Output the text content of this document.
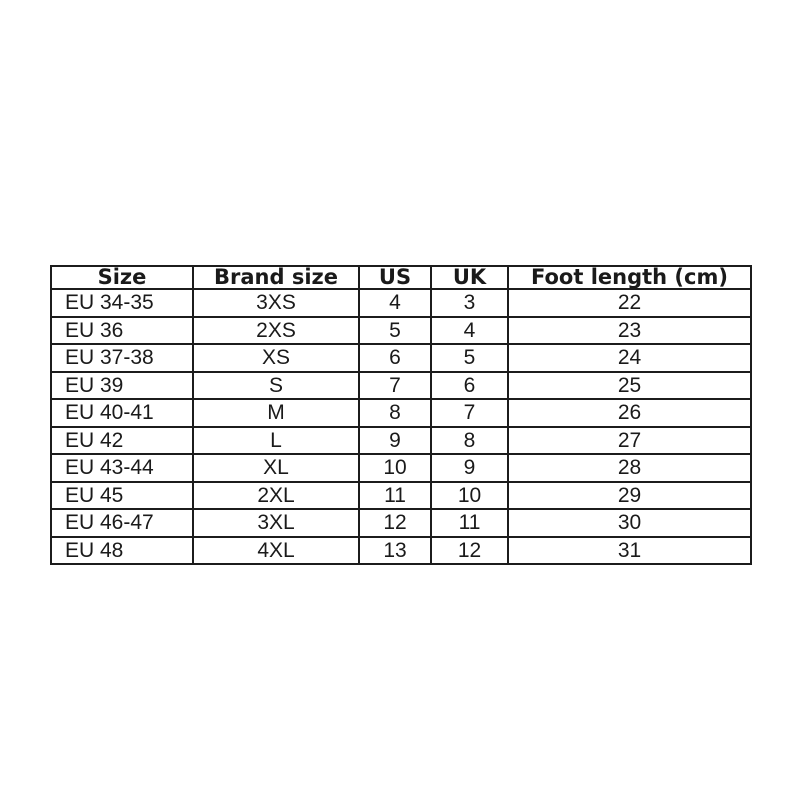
Size	Brand size	US	UK	Foot length (cm)
EU 34-35	3XS	4	3	22
EU 36	2XS	5	4	23
EU 37-38	XS	6	5	24
EU 39	S	7	6	25
EU 40-41	M	8	7	26
EU 42	L	9	8	27
EU 43-44	XL	10	9	28
EU 45	2XL	11	10	29
EU 46-47	3XL	12	11	30
EU 48	4XL	13	12	31
